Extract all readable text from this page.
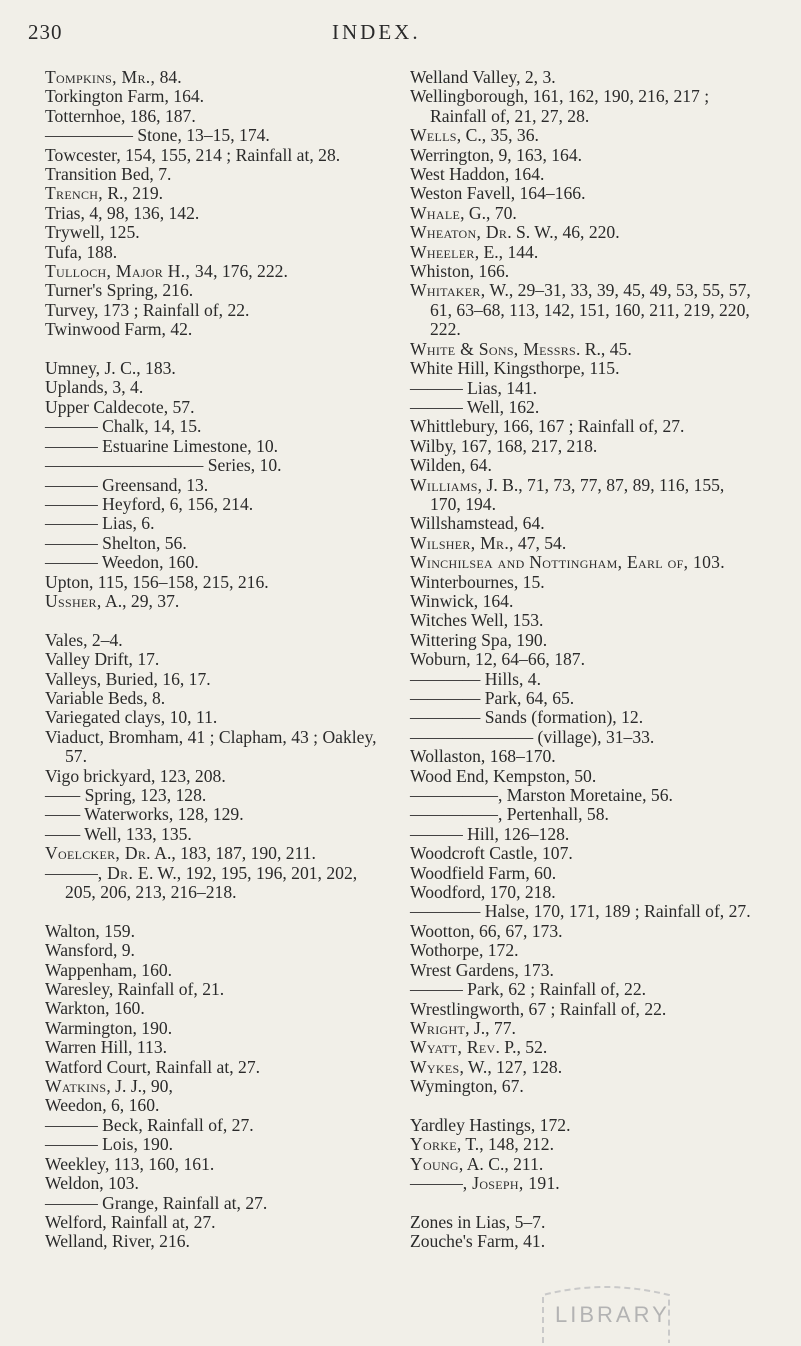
230	INDEX.
Tompkins, Mr., 84.
Torkington Farm, 164.
Totternhoe, 186, 187.
————— Stone, 13–15, 174.
Towcester, 154, 155, 214 ; Rainfall at, 28.
Transition Bed, 7.
Trench, R., 219.
Trias, 4, 98, 136, 142.
Trywell, 125.
Tufa, 188.
Tulloch, Major H., 34, 176, 222.
Turner's Spring, 216.
Turvey, 173 ; Rainfall of, 22.
Twinwood Farm, 42.
Umney, J. C., 183.
Uplands, 3, 4.
Upper Caldecote, 57.
——— Chalk, 14, 15.
——— Estuarine Limestone, 10.
————————— Series, 10.
——— Greensand, 13.
——— Heyford, 6, 156, 214.
——— Lias, 6.
——— Shelton, 56.
——— Weedon, 160.
Upton, 115, 156–158, 215, 216.
Ussher, A., 29, 37.
Vales, 2–4.
Valley Drift, 17.
Valleys, Buried, 16, 17.
Variable Beds, 8.
Variegated clays, 10, 11.
Viaduct, Bromham, 41 ; Clapham, 43 ; Oakley, 57.
Vigo brickyard, 123, 208.
—— Spring, 123, 128.
—— Waterworks, 128, 129.
—— Well, 133, 135.
Voelcker, Dr. A., 183, 187, 190, 211.
———, Dr. E. W., 192, 195, 196, 201, 202, 205, 206, 213, 216–218.
Walton, 159.
Wansford, 9.
Wappenham, 160.
Waresley, Rainfall of, 21.
Warkton, 160.
Warmington, 190.
Warren Hill, 113.
Watford Court, Rainfall at, 27.
Watkins, J. J., 90,
Weedon, 6, 160.
——— Beck, Rainfall of, 27.
——— Lois, 190.
Weekley, 113, 160, 161.
Weldon, 103.
——— Grange, Rainfall at, 27.
Welford, Rainfall at, 27.
Welland, River, 216.
Welland Valley, 2, 3.
Wellingborough, 161, 162, 190, 216, 217 ; Rainfall of, 21, 27, 28.
Wells, C., 35, 36.
Werrington, 9, 163, 164.
West Haddon, 164.
Weston Favell, 164–166.
Whale, G., 70.
Wheaton, Dr. S. W., 46, 220.
Wheeler, E., 144.
Whiston, 166.
Whitaker, W., 29–31, 33, 39, 45, 49, 53, 55, 57, 61, 63–68, 113, 142, 151, 160, 211, 219, 220, 222.
White & Sons, Messrs. R., 45.
White Hill, Kingsthorpe, 115.
——— Lias, 141.
——— Well, 162.
Whittlebury, 166, 167 ; Rainfall of, 27.
Wilby, 167, 168, 217, 218.
Wilden, 64.
Williams, J. B., 71, 73, 77, 87, 89, 116, 155, 170, 194.
Willshamstead, 64.
Wilsher, Mr., 47, 54.
Winchilsea and Nottingham, Earl of, 103.
Winterbournes, 15.
Winwick, 164.
Witches Well, 153.
Wittering Spa, 190.
Woburn, 12, 64–66, 187.
———— Hills, 4.
———— Park, 64, 65.
———— Sands (formation), 12.
——————— (village), 31–33.
Wollaston, 168–170.
Wood End, Kempston, 50.
—————, Marston Moretaine, 56.
—————, Pertenhall, 58.
——— Hill, 126–128.
Woodcroft Castle, 107.
Woodfield Farm, 60.
Woodford, 170, 218.
———— Halse, 170, 171, 189 ; Rainfall of, 27.
Wootton, 66, 67, 173.
Wothorpe, 172.
Wrest Gardens, 173.
——— Park, 62 ; Rainfall of, 22.
Wrestlingworth, 67 ; Rainfall of, 22.
Wright, J., 77.
Wyatt, Rev. P., 52.
Wykes, W., 127, 128.
Wymington, 67.
Yardley Hastings, 172.
Yorke, T., 148, 212.
Young, A. C., 211.
———, Joseph, 191.
Zones in Lias, 5–7.
Zouche's Farm, 41.
LIBRARY
